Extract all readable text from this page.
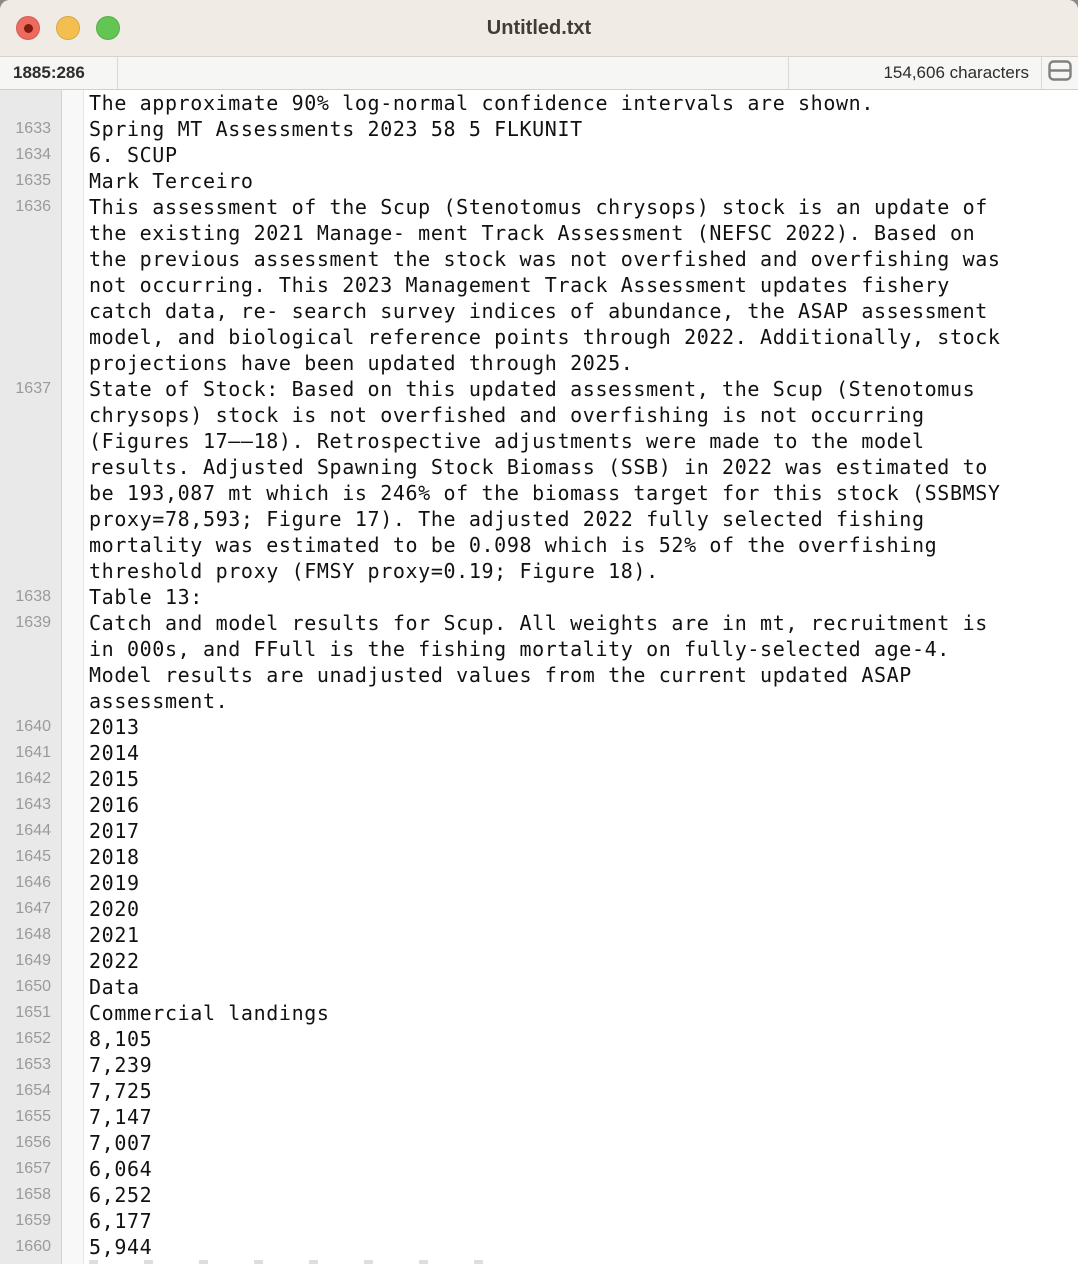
Untitled.txt
1885:286	154,606 characters
1633
1634
1635
1636
1637
1638
1639
1640
1641
1642
1643
1644
1645
1646
1647
1648
1649
1650
1651
1652
1653
1654
1655
1656
1657
1658
1659
1660
The approximate 90% log-normal confidence intervals are shown.
Spring MT Assessments 2023 58 5 FLKUNIT
6. SCUP
Mark Terceiro
This assessment of the Scup (Stenotomus chrysops) stock is an update of
the existing 2021 Manage- ment Track Assessment (NEFSC 2022). Based on
the previous assessment the stock was not overfished and overfishing was
not occurring. This 2023 Management Track Assessment updates fishery
catch data, re- search survey indices of abundance, the ASAP assessment
model, and biological reference points through 2022. Additionally, stock
projections have been updated through 2025.
State of Stock: Based on this updated assessment, the Scup (Stenotomus
chrysops) stock is not overfished and overfishing is not occurring
(Figures 17——18). Retrospective adjustments were made to the model
results. Adjusted Spawning Stock Biomass (SSB) in 2022 was estimated to
be 193,087 mt which is 246% of the biomass target for this stock (SSBMSY
proxy=78,593; Figure 17). The adjusted 2022 fully selected fishing
mortality was estimated to be 0.098 which is 52% of the overfishing
threshold proxy (FMSY proxy=0.19; Figure 18).
Table 13:
Catch and model results for Scup. All weights are in mt, recruitment is
in 000s, and FFull is the fishing mortality on fully-selected age-4.
Model results are unadjusted values from the current updated ASAP
assessment.
2013
2014
2015
2016
2017
2018
2019
2020
2021
2022
Data
Commercial landings
8,105
7,239
7,725
7,147
7,007
6,064
6,252
6,177
5,944
